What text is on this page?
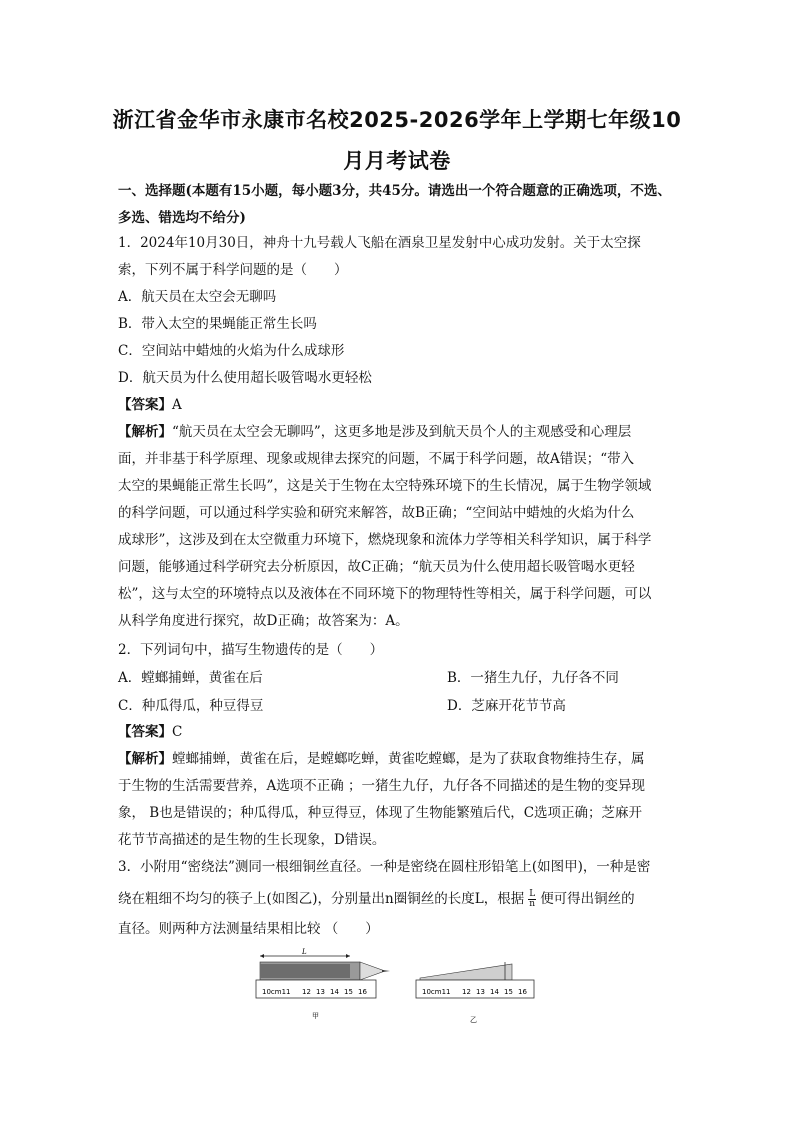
浙江省金华市永康市名校2025-2026学年上学期七年级10
月月考试卷
一、选择题(本题有15小题，每小题3分，共45分。请选出一个符合题意的正确选项，不选、多选、错选均不给分)
1．2024年10月30日，神舟十九号载人飞船在酒泉卫星发射中心成功发射。关于太空探
索，下列不属于科学问题的是（　　）
A．航天员在太空会无聊吗
B．带入太空的果蝇能正常生长吗
C．空间站中蜡烛的火焰为什么成球形
D．航天员为什么使用超长吸管喝水更轻松
【答案】A
【解析】“航天员在太空会无聊吗”，这更多地是涉及到航天员个人的主观感受和心理层
面，并非基于科学原理、现象或规律去探究的问题，不属于科学问题，故A错误；“带入
太空的果蝇能正常生长吗”，这是关于生物在太空特殊环境下的生长情况，属于生物学领域
的科学问题，可以通过科学实验和研究来解答，故B正确；“空间站中蜡烛的火焰为什么
成球形”，这涉及到在太空微重力环境下，燃烧现象和流体力学等相关科学知识，属于科学
问题，能够通过科学研究去分析原因，故C正确；“航天员为什么使用超长吸管喝水更轻
松”，这与太空的环境特点以及液体在不同环境下的物理特性等相关，属于科学问题，可以
从科学角度进行探究，故D正确；故答案为：A。
2．下列词句中，描写生物遗传的是（　　）
A．螳螂捕蝉，黄雀在后	B．一猪生九仔，九仔各不同
C．种瓜得瓜，种豆得豆	D．芝麻开花节节高
【答案】C
【解析】螳螂捕蝉，黄雀在后，是螳螂吃蝉，黄雀吃螳螂，是为了获取食物维持生存，属
于生物的生活需要营养，A选项不正确 ；一猪生九仔，九仔各不同描述的是生物的变异现
象， B也是错误的；种瓜得瓜，种豆得豆，体现了生物能繁殖后代，C选项正确；芝麻开
花节节高描述的是生物的生长现象，D错误。
3．小附用“密绕法”测同一根细铜丝直径。一种是密绕在圆柱形铅笔上(如图甲)，一种是密
绕在粗细不均匀的筷子上(如图乙)，分别量出n圈铜丝的长度L，根据 $\frac{L}{n}$ 便可得出铜丝的
直径。则两种方法测量结果相比较 （　　）
L
10cm11 12 13 14 15 16
甲
10cm11 12 13 14 15 16
乙
